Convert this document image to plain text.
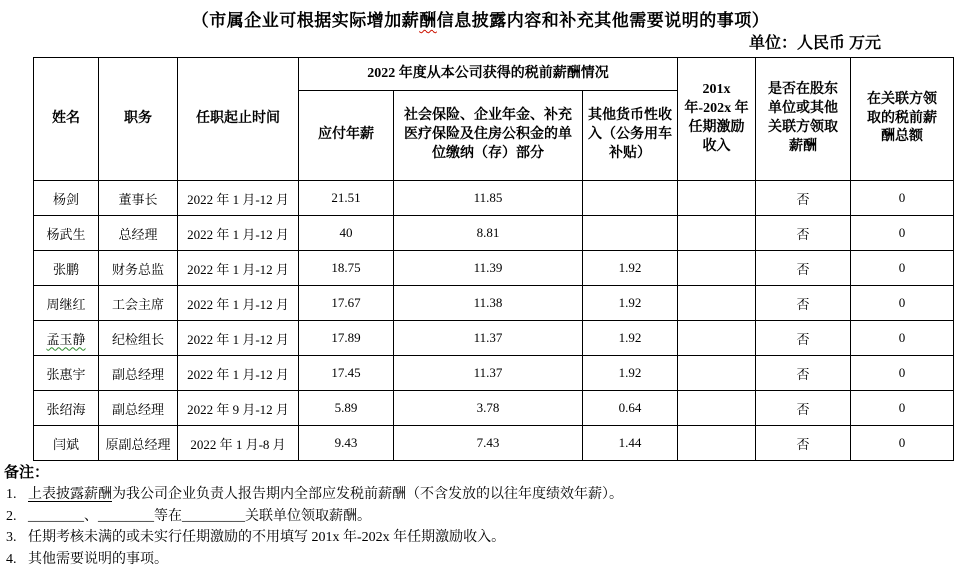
（市属企业可根据实际增加薪酬信息披露内容和补充其他需要说明的事项）
单位：人民币 万元
姓名	职务	任职起止时间	2022 年度从本公司获得的税前薪酬情况			201x 年-202x 年任期激励收入	是否在股东单位或其他关联方领取薪酬	在关联方领取的税前薪酬总额
			应付年薪	社会保险、企业年金、补充医疗保险及住房公积金的单位缴纳（存）部分	其他货币性收入（公务用车补贴）			
杨剑	董事长	2022 年 1 月-12 月	21.51	11.85			否	0
杨武生	总经理	2022 年 1 月-12 月	40	8.81			否	0
张鹏	财务总监	2022 年 1 月-12 月	18.75	11.39	1.92		否	0
周继红	工会主席	2022 年 1 月-12 月	17.67	11.38	1.92		否	0
孟玉静	纪检组长	2022 年 1 月-12 月	17.89	11.37	1.92		否	0
张惠宇	副总经理	2022 年 1 月-12 月	17.45	11.37	1.92		否	0
张绍海	副总经理	2022 年 9 月-12 月	5.89	3.78	0.64		否	0
闫斌	原副总经理	2022 年 1 月-8 月	9.43	7.43	1.44		否	0
备注：
1. 上表披露薪酬为我公司企业负责人报告期内全部应发税前薪酬（不含发放的以往年度绩效年薪）。
2. ________、________等在_________关联单位领取薪酬。
3. 任期考核未满的或未实行任期激励的不用填写 201x 年-202x 年任期激励收入。
4. 其他需要说明的事项。
